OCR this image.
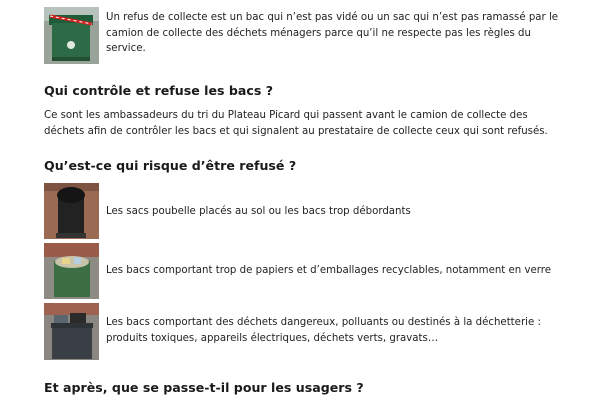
Un refus de collecte est un bac qui n’est pas vidé ou un sac qui n’est pas ramassé par le camion de collecte des déchets ménagers parce qu’il ne respecte pas les règles du service.
Qui contrôle et refuse les bacs ?
Ce sont les ambassadeurs du tri du Plateau Picard qui passent avant le camion de collecte des déchets afin de contrôler les bacs et qui signalent au prestataire de collecte ceux qui sont refusés.
Qu’est-ce qui risque d’être refusé ?
Les sacs poubelle placés au sol ou les bacs trop débordants
Les bacs comportant trop de papiers et d’emballages recyclables, notamment en verre
Les bacs comportant des déchets dangereux, polluants ou destinés à la déchetterie : produits toxiques, appareils électriques, déchets verts, gravats…
Et après, que se passe-t-il pour les usagers ?
